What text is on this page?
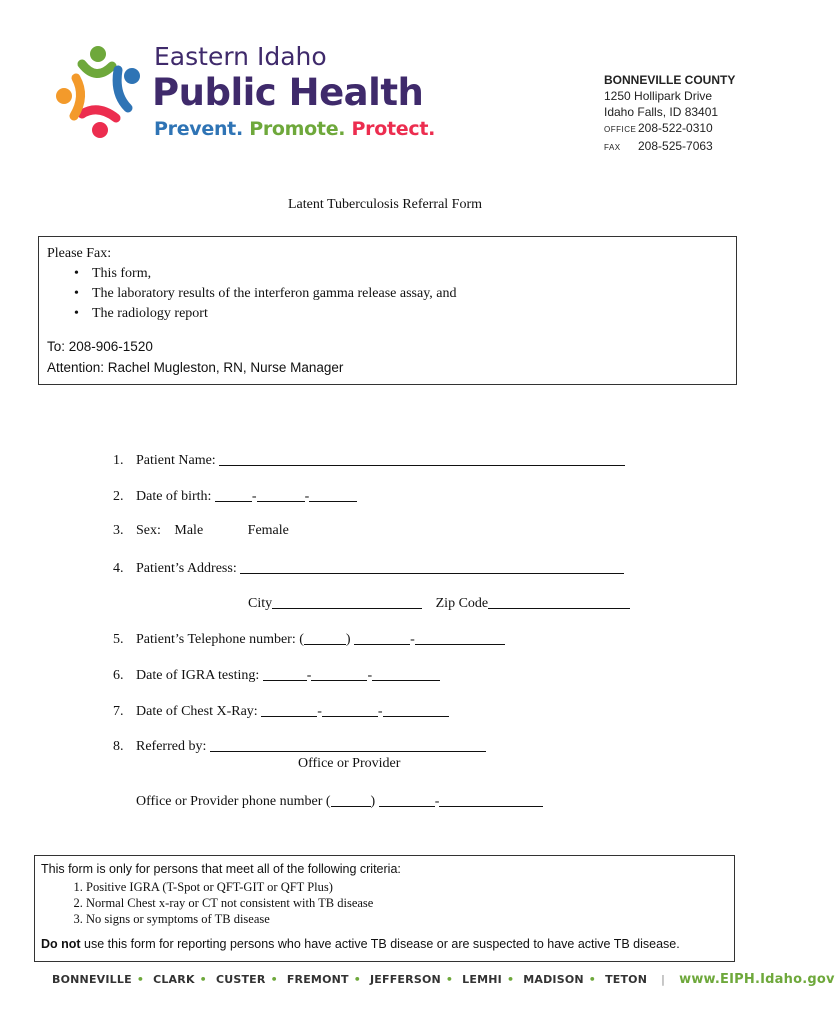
Eastern Idaho
Public Health
Prevent. Promote. Protect.
BONNEVILLE COUNTY
1250 Hollipark Drive
Idaho Falls, ID 83401
OFFICE 208-522-0310
FAX 208-525-7063
Latent Tuberculosis Referral Form
Please Fax:
• This form,
• The laboratory results of the interferon gamma release assay, and
• The radiology report
To: 208-906-1520
Attention: Rachel Mugleston, RN, Nurse Manager
1. Patient Name:
2. Date of birth:	-	-
3. Sex: Male	Female
4. Patient’s Address:
City	Zip Code
5. Patient’s Telephone number: (	)	-
6. Date of IGRA testing:	-	-
7. Date of Chest X-Ray:	-	-
8. Referred by:
Office or Provider
Office or Provider phone number (	)	-
This form is only for persons that meet all of the following criteria:
1. Positive IGRA (T-Spot or QFT-GIT or QFT Plus)
2. Normal Chest x-ray or CT not consistent with TB disease
3. No signs or symptoms of TB disease
Do not use this form for reporting persons who have active TB disease or are suspected to have active TB disease.
BONNEVILLE • CLARK • CUSTER • FREMONT • JEFFERSON • LEMHI • MADISON • TETON | www.EIPH.Idaho.gov
